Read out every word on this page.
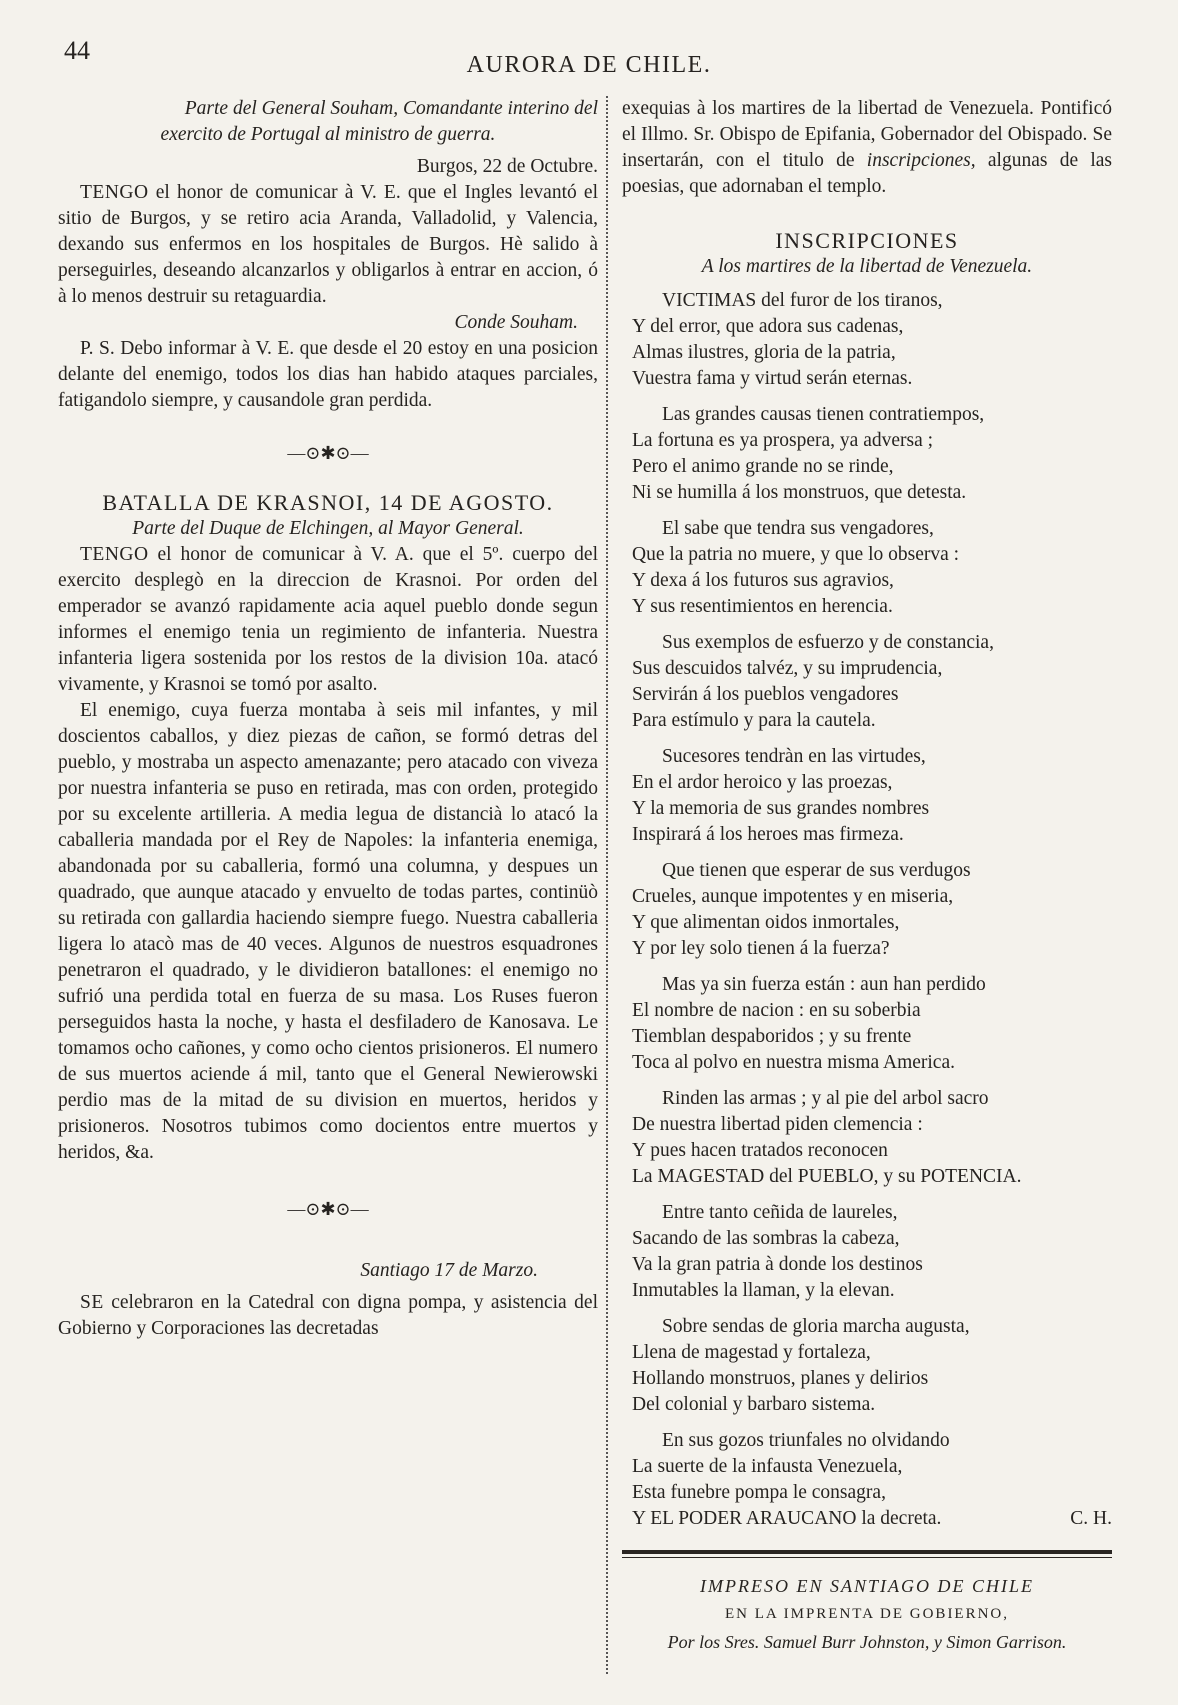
44	AURORA DE CHILE.

Parte del General Souham, Comandante interino del

exercito de Portugal al ministro de guerra.

Burgos, 22 de Octubre.

TENGO el honor de comunicar à V. E. que el Ingles levantó el sitio de Burgos, y se retiro acia Aranda, Valladolid, y Valencia, dexando sus enfermos en los hospitales de Burgos. Hè salido à perseguirles, deseando alcanzarlos y obligarlos à entrar en accion, ó à lo menos destruir su retaguardia.

Conde Souham.

P. S. Debo informar à V. E. que desde el 20 estoy en una posicion delante del enemigo, todos los dias han habido ataques parciales, fatigandolo siempre, y causandole gran perdida.

—⊙✱⊙—

BATALLA DE KRASNOI, 14 DE AGOSTO.

Parte del Duque de Elchingen, al Mayor General.

TENGO el honor de comunicar à V. A. que el 5º. cuerpo del exercito desplegò en la direccion de Krasnoi. Por orden del emperador se avanzó rapidamente acia aquel pueblo donde segun informes el enemigo tenia un regimiento de infanteria. Nuestra infanteria ligera sostenida por los restos de la division 10a. atacó vivamente, y Krasnoi se tomó por asalto.

El enemigo, cuya fuerza montaba à seis mil infantes, y mil doscientos caballos, y diez piezas de cañon, se formó detras del pueblo, y mostraba un aspecto amenazante; pero atacado con viveza por nuestra infanteria se puso en retirada, mas con orden, protegido por su excelente artilleria. A media legua de distancià lo atacó la caballeria mandada por el Rey de Napoles: la infanteria enemiga, abandonada por su caballeria, formó una columna, y despues un quadrado, que aunque atacado y envuelto de todas partes, continüò su retirada con gallardia haciendo siempre fuego. Nuestra caballeria ligera lo atacò mas de 40 veces. Algunos de nuestros esquadrones penetraron el quadrado, y le dividieron batallones: el enemigo no sufrió una perdida total en fuerza de su masa. Los Ruses fueron perseguidos hasta la noche, y hasta el desfiladero de Kanosava. Le tomamos ocho cañones, y como ocho cientos prisioneros. El numero de sus muertos aciende á mil, tanto que el General Newierowski perdio mas de la mitad de su division en muertos, heridos y prisioneros. Nosotros tubimos como docientos entre muertos y heridos, &a.

—⊙✱⊙—

Santiago 17 de Marzo.

SE celebraron en la Catedral con digna pompa, y asistencia del Gobierno y Corporaciones las decretadas

exequias à los martires de la libertad de Venezuela. Pontificó el Illmo. Sr. Obispo de Epifania, Gobernador del Obispado. Se insertarán, con el titulo de inscripciones, algunas de las poesias, que adornaban el templo.

INSCRIPCIONES

A los martires de la libertad de Venezuela.

VICTIMAS del furor de los tiranos,
Y del error, que adora sus cadenas,
Almas ilustres, gloria de la patria,
Vuestra fama y virtud serán eternas.
Las grandes causas tienen contratiempos,
La fortuna es ya prospera, ya adversa ;
Pero el animo grande no se rinde,
Ni se humilla á los monstruos, que detesta.
El sabe que tendra sus vengadores,
Que la patria no muere, y que lo observa :
Y dexa á los futuros sus agravios,
Y sus resentimientos en herencia.
Sus exemplos de esfuerzo y de constancia,
Sus descuidos talvéz, y su imprudencia,
Servirán á los pueblos vengadores
Para estímulo y para la cautela.
Sucesores tendràn en las virtudes,
En el ardor heroico y las proezas,
Y la memoria de sus grandes nombres
Inspirará á los heroes mas firmeza.
Que tienen que esperar de sus verdugos
Crueles, aunque impotentes y en miseria,
Y que alimentan oidos inmortales,
Y por ley solo tienen á la fuerza?
Mas ya sin fuerza están : aun han perdido
El nombre de nacion : en su soberbia
Tiemblan despaboridos ; y su frente
Toca al polvo en nuestra misma America.
Rinden las armas ; y al pie del arbol sacro
De nuestra libertad piden clemencia :
Y pues hacen tratados reconocen
La MAGESTAD del PUEBLO, y su POTENCIA.
Entre tanto ceñida de laureles,
Sacando de las sombras la cabeza,
Va la gran patria à donde los destinos
Inmutables la llaman, y la elevan.
Sobre sendas de gloria marcha augusta,
Llena de magestad y fortaleza,
Hollando monstruos, planes y delirios
Del colonial y barbaro sistema.
En sus gozos triunfales no olvidando
La suerte de la infausta Venezuela,
Esta funebre pompa le consagra,
Y EL PODER ARAUCANO la decreta.	C. H.
IMPRESO EN SANTIAGO DE CHILE
EN LA IMPRENTA DE GOBIERNO,
Por los Sres. Samuel Burr Johnston, y Simon Garrison.
